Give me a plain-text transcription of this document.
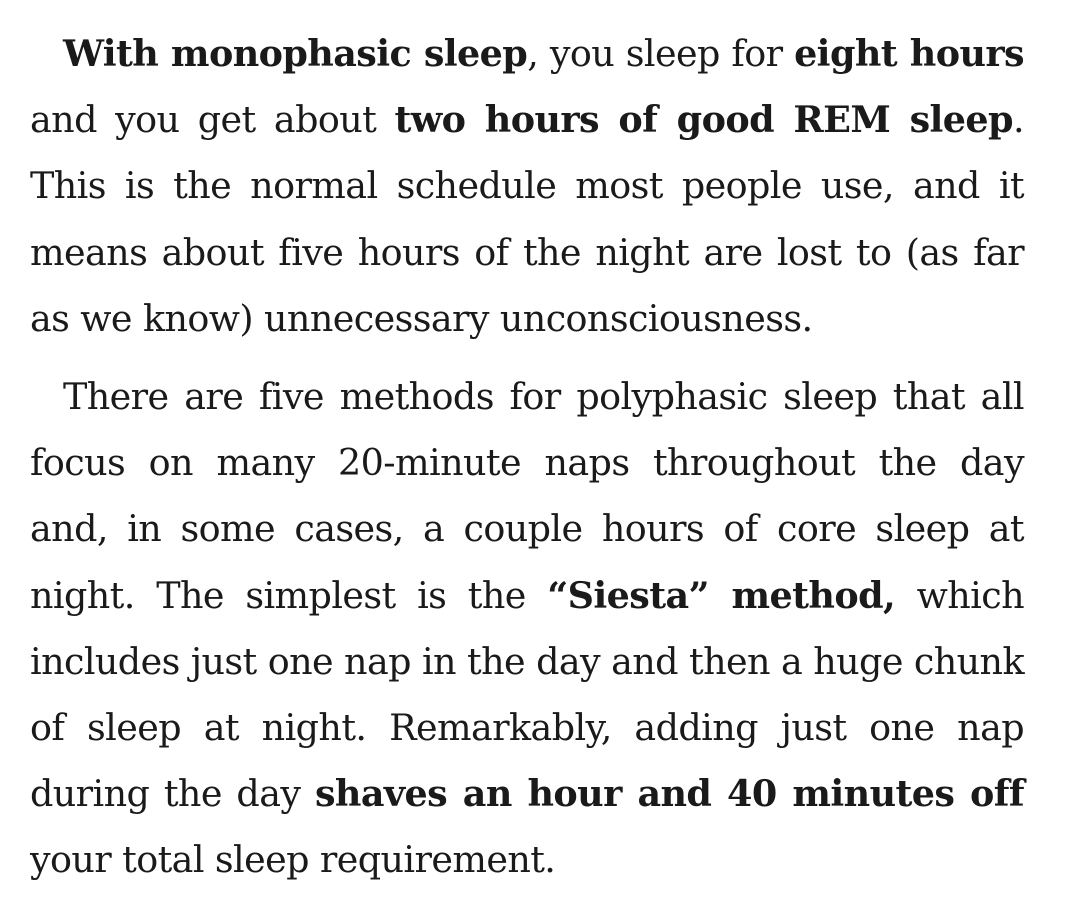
With monophasic sleep, you sleep for eight hours and you get about two hours of good REM sleep. This is the normal schedule most people use, and it means about five hours of the night are lost to (as far as we know) unnecessary unconsciousness.

There are five methods for polyphasic sleep that all focus on many 20-minute naps throughout the day and, in some cases, a couple hours of core sleep at night. The simplest is the “Siesta” method, which includes just one nap in the day and then a huge chunk of sleep at night. Remarkably, adding just one nap during the day shaves an hour and 40 minutes off your total sleep requirement.
